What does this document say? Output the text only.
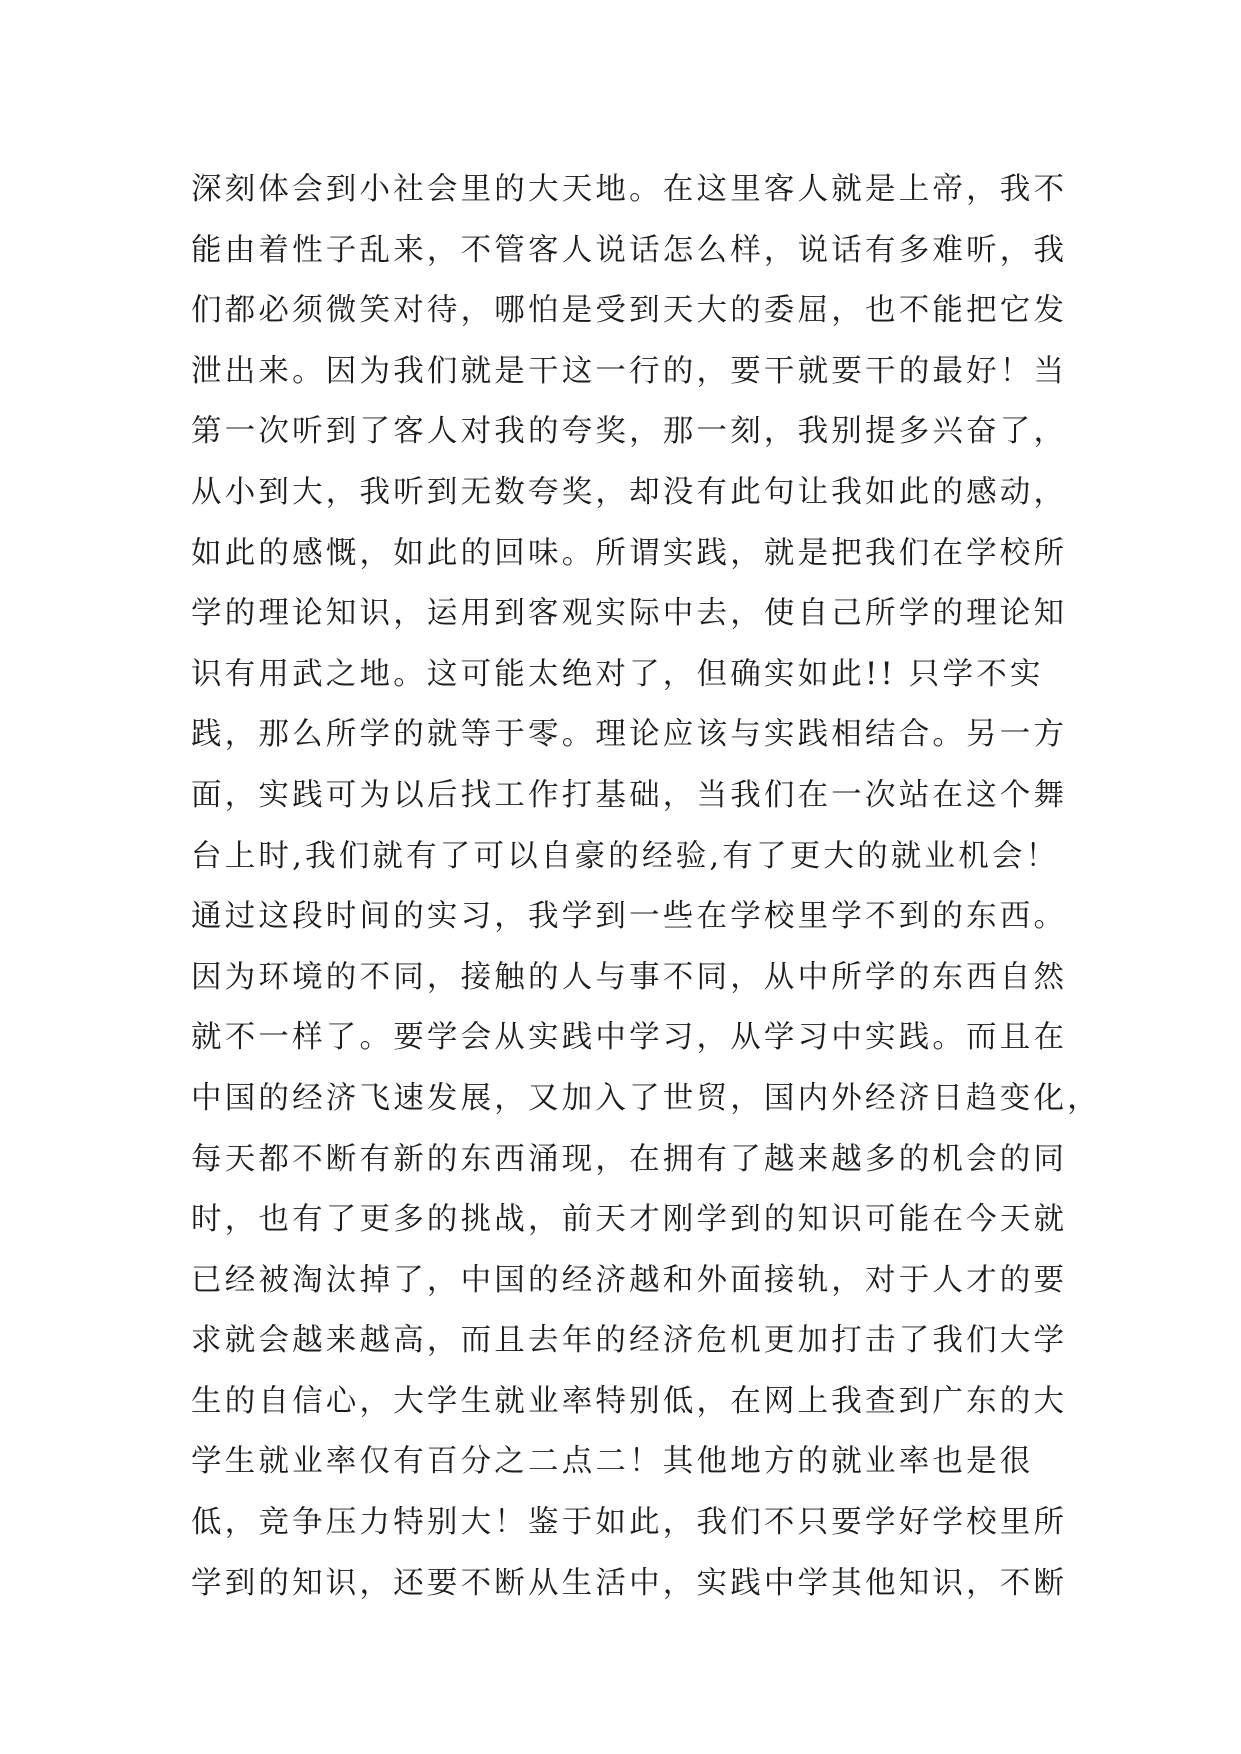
深刻体会到小社会里的大天地。在这里客人就是上帝，我不
能由着性子乱来，不管客人说话怎么样，说话有多难听，我
们都必须微笑对待，哪怕是受到天大的委屈，也不能把它发
泄出来。因为我们就是干这一行的，要干就要干的最好！当
第一次听到了客人对我的夸奖，那一刻，我别提多兴奋了，
从小到大，我听到无数夸奖，却没有此句让我如此的感动，
如此的感慨，如此的回味。所谓实践，就是把我们在学校所
学的理论知识，运用到客观实际中去，使自己所学的理论知
识有用武之地。这可能太绝对了，但确实如此!! 只学不实
践，那么所学的就等于零。理论应该与实践相结合。另一方
面，实践可为以后找工作打基础，当我们在一次站在这个舞
台上时,我们就有了可以自豪的经验,有了更大的就业机会！
通过这段时间的实习，我学到一些在学校里学不到的东西。
因为环境的不同，接触的人与事不同，从中所学的东西自然
就不一样了。要学会从实践中学习，从学习中实践。而且在
中国的经济飞速发展，又加入了世贸，国内外经济日趋变化，
每天都不断有新的东西涌现，在拥有了越来越多的机会的同
时，也有了更多的挑战，前天才刚学到的知识可能在今天就
已经被淘汰掉了，中国的经济越和外面接轨，对于人才的要
求就会越来越高，而且去年的经济危机更加打击了我们大学
生的自信心，大学生就业率特别低，在网上我查到广东的大
学生就业率仅有百分之二点二！其他地方的就业率也是很
低，竞争压力特别大！鉴于如此，我们不只要学好学校里所
学到的知识，还要不断从生活中，实践中学其他知识，不断
